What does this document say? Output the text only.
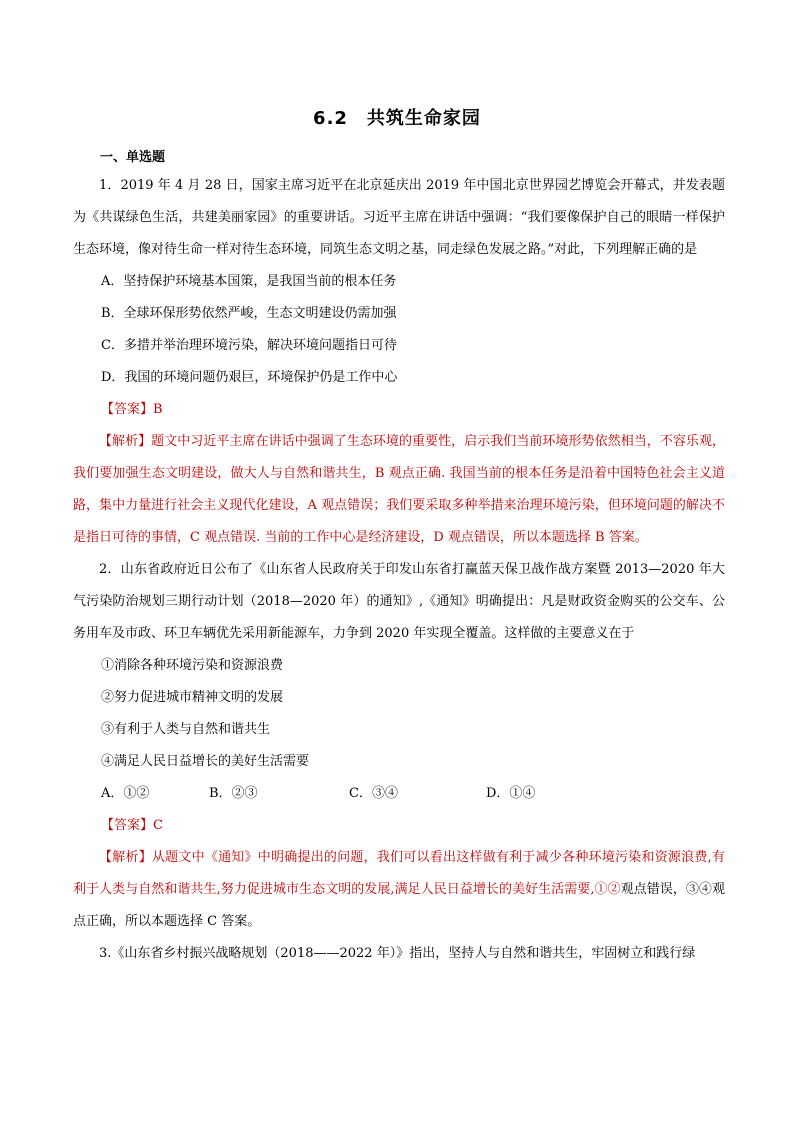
6.2　共筑生命家园
一、单选题

1．2019 年 4 月 28 日，国家主席习近平在北京延庆出 2019 年中国北京世界园艺博览会开幕式，并发表题为《共谋绿色生活，共建美丽家园》的重要讲话。习近平主席在讲话中强调：“我们要像保护自己的眼睛一样保护生态环境，像对待生命一样对待生态环境，同筑生态文明之基，同走绿色发展之路。”对此，下列理解正确的是

A．坚持保护环境基本国策，是我国当前的根本任务

B．全球环保形势依然严峻，生态文明建设仍需加强

C．多措并举治理环境污染，解决环境问题指日可待

D．我国的环境问题仍艰巨，环境保护仍是工作中心

【答案】B

【解析】题文中习近平主席在讲话中强调了生态环境的重要性，启示我们当前环境形势依然相当，不容乐观，我们要加强生态文明建设，做大人与自然和谐共生，B 观点正确. 我国当前的根本任务是沿着中国特色社会主义道路，集中力量进行社会主义现代化建设，A 观点错误；我们要采取多种举措来治理环境污染，但环境问题的解决不是指日可待的事情，C 观点错误. 当前的工作中心是经济建设，D 观点错误，所以本题选择 B 答案。

2．山东省政府近日公布了《山东省人民政府关于印发山东省打赢蓝天保卫战作战方案暨 2013—2020 年大气污染防治规划三期行动计划（2018—2020 年）的通知》,《通知》明确提出：凡是财政资金购买的公交车、公务用车及市政、环卫车辆优先采用新能源车，力争到 2020 年实现全覆盖。这样做的主要意义在于

①消除各种环境污染和资源浪费

②努力促进城市精神文明的发展

③有利于人类与自然和谐共生

④满足人民日益增长的美好生活需要

A．①②	B．②③	C．③④	D．①④

【答案】C

【解析】从题文中《通知》中明确提出的问题，我们可以看出这样做有利于减少各种环境污染和资源浪费,有利于人类与自然和谐共生,努力促进城市生态文明的发展,满足人民日益增长的美好生活需要,①②观点错误，③④观点正确，所以本题选择 C 答案。

3.《山东省乡村振兴战略规划（2018——2022 年）》指出，坚持人与自然和谐共生，牢固树立和践行绿
